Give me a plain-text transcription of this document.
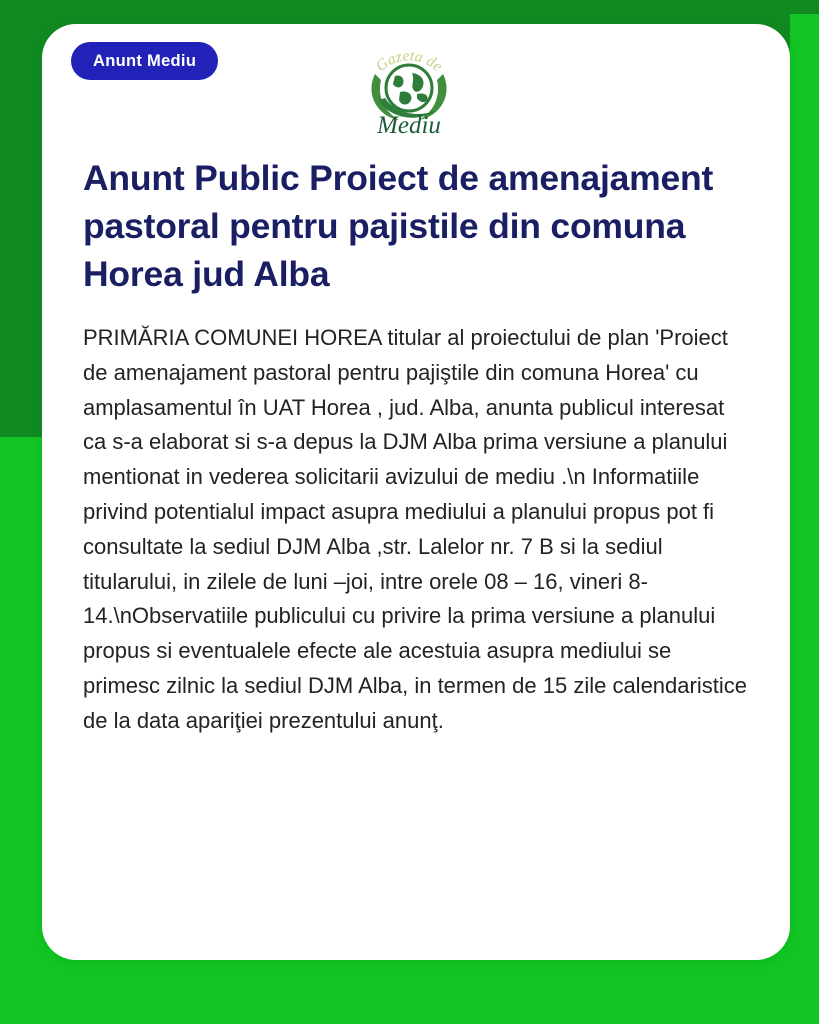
Anunt Mediu	Gazeta de
Mediu
Anunt Public Proiect de amenajament pastoral pentru pajistile din comuna Horea jud Alba

PRIMĂRIA COMUNEI HOREA titular al proiectului de plan 'Proiect de amenajament pastoral pentru pajiştile din comuna Horea' cu amplasamentul în UAT Horea , jud. Alba, anunta publicul interesat ca s-a elaborat si s-a depus la DJM Alba prima versiune a planului mentionat in vederea solicitarii avizului de mediu .\n Informatiile privind potentialul impact asupra mediului a planului propus pot fi consultate la sediul DJM Alba ,str. Lalelor nr. 7 B si la sediul titularului, in zilele de luni –joi, intre orele 08 – 16, vineri 8-14.\nObservatiile publicului cu privire la prima versiune a planului propus si eventualele efecte ale acestuia asupra mediului se primesc zilnic la sediul DJM Alba, in termen de 15 zile calendaristice de la data apariţiei prezentului anunţ.
